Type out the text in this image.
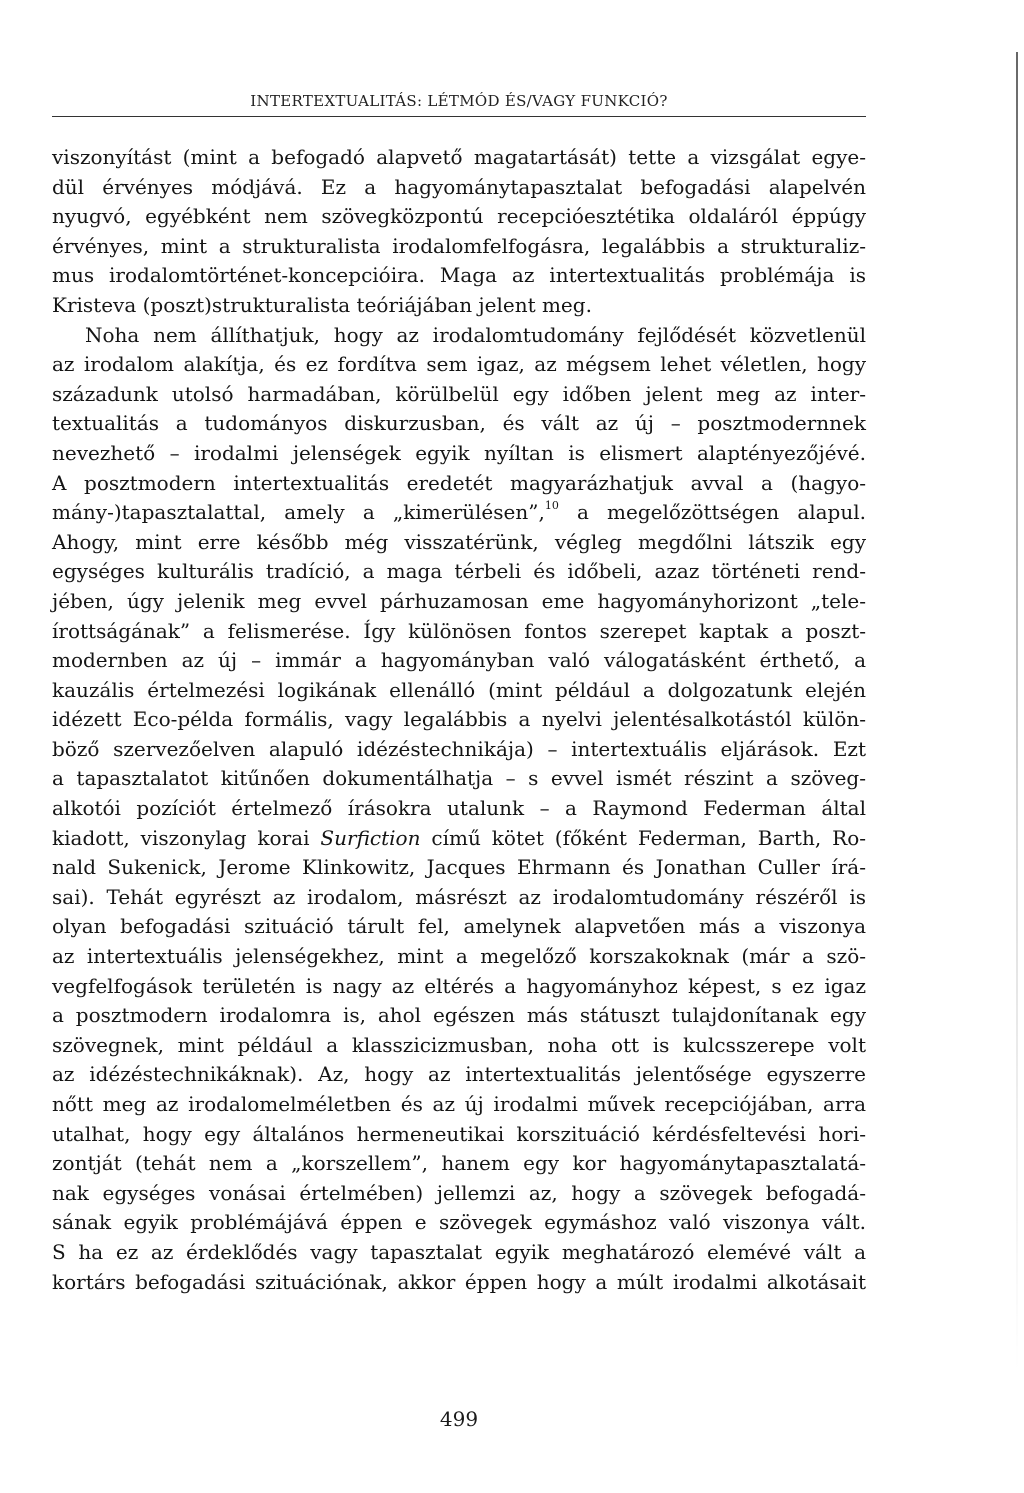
INTERTEXTUALITÁS: LÉTMÓD ÉS/VAGY FUNKCIÓ?
viszonyítást (mint a befogadó alapvető magatartását) tette a vizsgálat egye-
dül érvényes módjává. Ez a hagyománytapasztalat befogadási alapelvén
nyugvó, egyébként nem szövegközpontú recepcióesztétika oldaláról éppúgy
érvényes, mint a strukturalista irodalomfelfogásra, legalábbis a strukturaliz-
mus irodalomtörténet-koncepcióira. Maga az intertextualitás problémája is
Kristeva (poszt)strukturalista teóriájában jelent meg.
Noha nem állíthatjuk, hogy az irodalomtudomány fejlődését közvetlenül
az irodalom alakítja, és ez fordítva sem igaz, az mégsem lehet véletlen, hogy
századunk utolsó harmadában, körülbelül egy időben jelent meg az inter-
textualitás a tudományos diskurzusban, és vált az új – posztmodernnek
nevezhető – irodalmi jelenségek egyik nyíltan is elismert alaptényezőjévé.
A posztmodern intertextualitás eredetét magyarázhatjuk avval a (hagyo-
mány-)tapasztalattal, amely a „kimerülésen”,$^{10}$ a megelőzöttségen alapul.
Ahogy, mint erre később még visszatérünk, végleg megdőlni látszik egy
egységes kulturális tradíció, a maga térbeli és időbeli, azaz történeti rend-
jében, úgy jelenik meg evvel párhuzamosan eme hagyományhorizont „tele-
írottságának” a felismerése. Így különösen fontos szerepet kaptak a poszt-
modernben az új – immár a hagyományban való válogatásként érthető, a
kauzális értelmezési logikának ellenálló (mint például a dolgozatunk elején
idézett Eco-példa formális, vagy legalábbis a nyelvi jelentésalkotástól külön-
böző szervezőelven alapuló idézéstechnikája) – intertextuális eljárások. Ezt
a tapasztalatot kitűnően dokumentálhatja – s evvel ismét részint a szöveg-
alkotói pozíciót értelmező írásokra utalunk – a Raymond Federman által
kiadott, viszonylag korai Surfiction című kötet (főként Federman, Barth, Ro-
nald Sukenick, Jerome Klinkowitz, Jacques Ehrmann és Jonathan Culler írá-
sai). Tehát egyrészt az irodalom, másrészt az irodalomtudomány részéről is
olyan befogadási szituáció tárult fel, amelynek alapvetően más a viszonya
az intertextuális jelenségekhez, mint a megelőző korszakoknak (már a szö-
vegfelfogások területén is nagy az eltérés a hagyományhoz képest, s ez igaz
a posztmodern irodalomra is, ahol egészen más státuszt tulajdonítanak egy
szövegnek, mint például a klasszicizmusban, noha ott is kulcsszerepe volt
az idézéstechnikáknak). Az, hogy az intertextualitás jelentősége egyszerre
nőtt meg az irodalomelméletben és az új irodalmi művek recepciójában, arra
utalhat, hogy egy általános hermeneutikai korszituáció kérdésfeltevési hori-
zontját (tehát nem a „korszellem”, hanem egy kor hagyománytapasztalatá-
nak egységes vonásai értelmében) jellemzi az, hogy a szövegek befogadá-
sának egyik problémájává éppen e szövegek egymáshoz való viszonya vált.
S ha ez az érdeklődés vagy tapasztalat egyik meghatározó elemévé vált a
kortárs befogadási szituációnak, akkor éppen hogy a múlt irodalmi alkotásait
499
